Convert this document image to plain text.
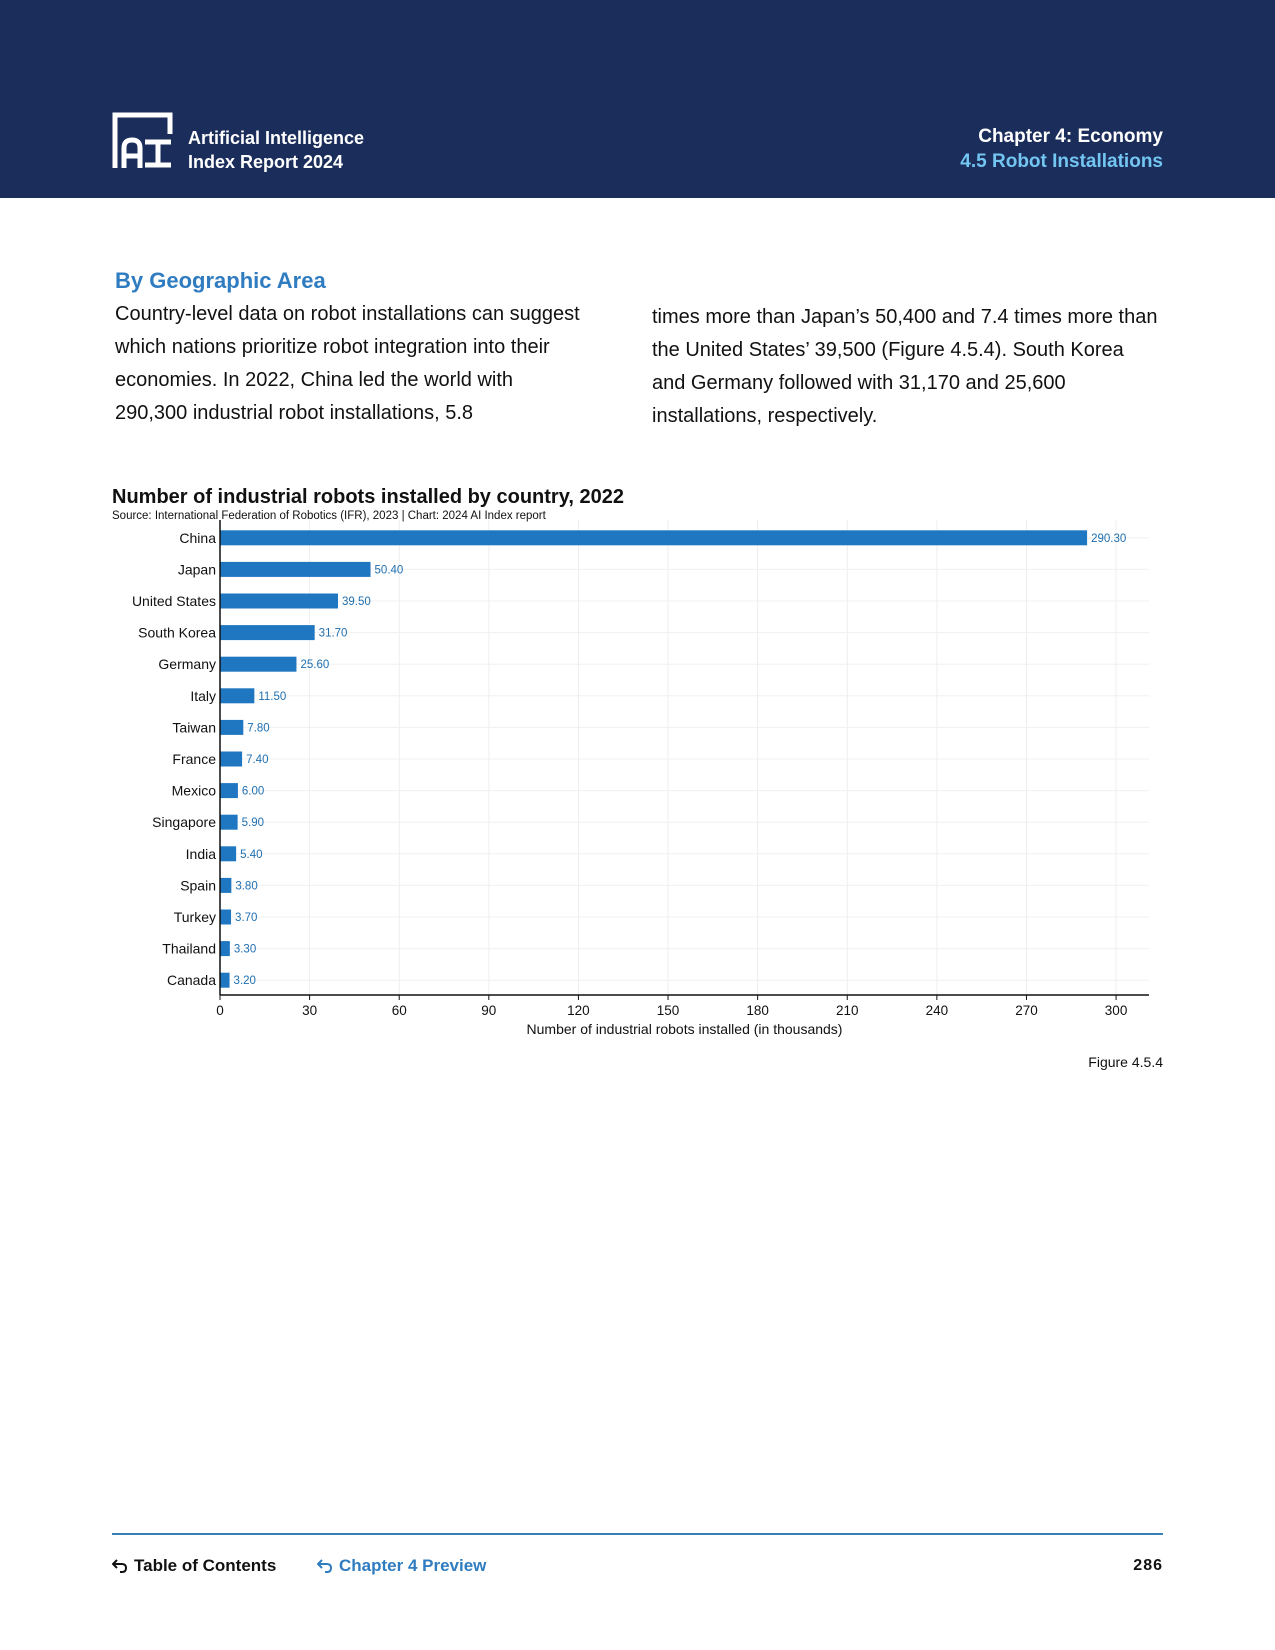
Artificial Intelligence
Index Report 2024
Chapter 4: Economy
4.5 Robot Installations
By Geographic Area
Country-level data on robot installations can suggest which nations prioritize robot integration into their economies. In 2022, China led the world with 290,300 industrial robot installations, 5.8
times more than Japan’s 50,400 and 7.4 times more than the United States’ 39,500 (Figure 4.5.4). South Korea and Germany followed with 31,170 and 25,600 installations, respectively.
Number of industrial robots installed by country, 2022
Source: International Federation of Robotics (IFR), 2023 | Chart: 2024 AI Index report
China	290.30
Japan	50.40
United States	39.50
South Korea	31.70
Germany	25.60
Italy	11.50
Taiwan	7.80
France	7.40
Mexico 6.00
Singapore 5.90
India 5.40
Spain 3.80
Turkey 3.70
Thailand 3.30
Canada 3.20
0	30	60	90	120	150	180	210	240	270	300
Number of industrial robots installed (in thousands)
Figure 4.5.4
Table of Contents	Chapter 4 Preview	286
